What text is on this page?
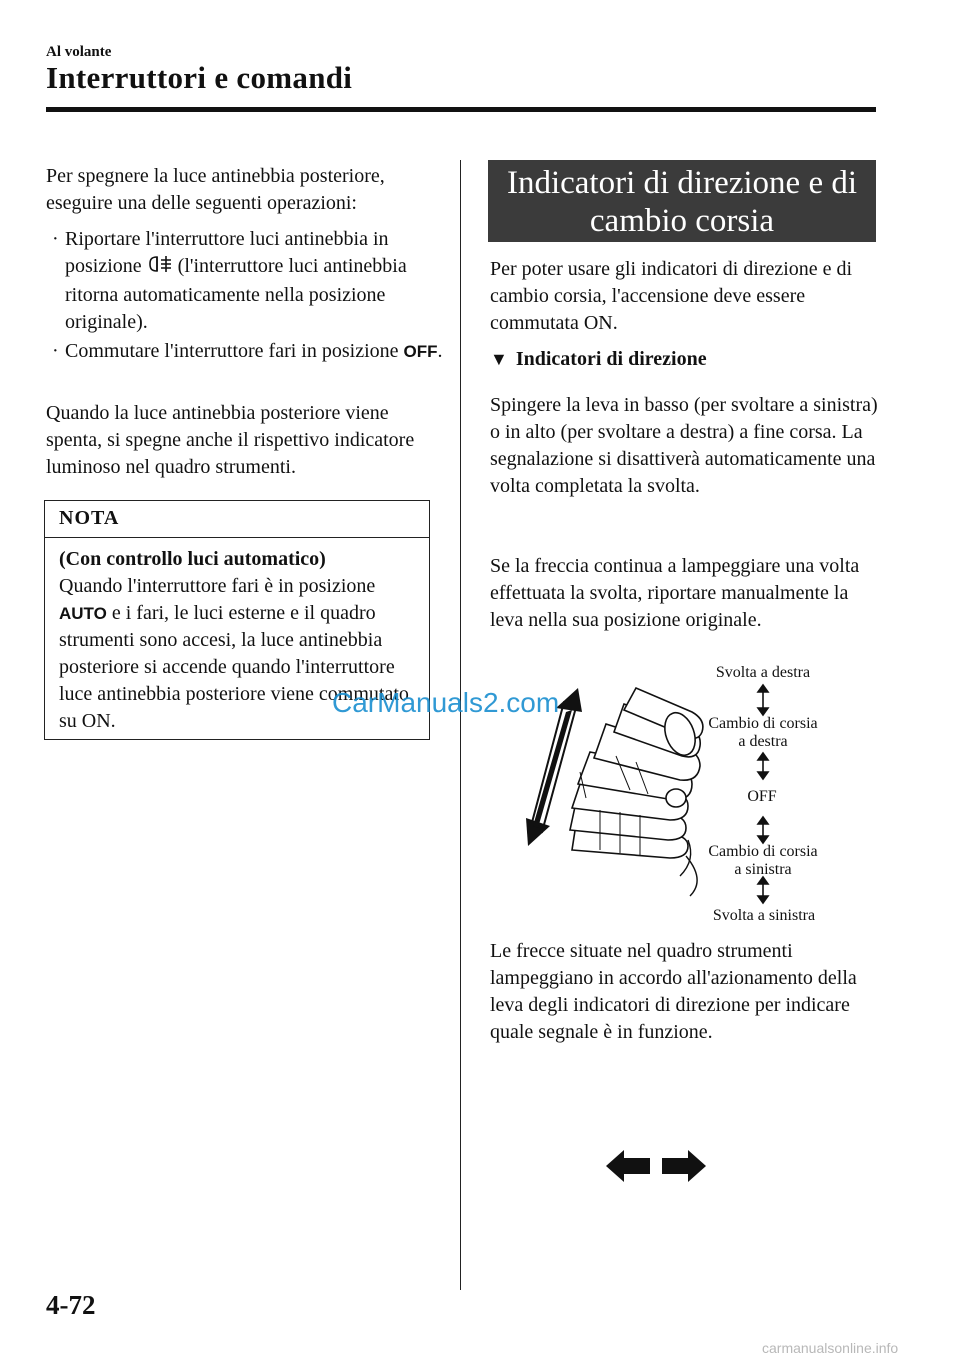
Al volante
Interruttori e comandi
Per spegnere la luce antinebbia posteriore, eseguire una delle seguenti operazioni:
· Riportare l'interruttore luci antinebbia in posizione (l'interruttore luci antinebbia ritorna automaticamente nella posizione originale).
· Commutare l'interruttore fari in posizione OFF.
Quando la luce antinebbia posteriore viene spenta, si spegne anche il rispettivo indicatore luminoso nel quadro strumenti.
NOTA
(Con controllo luci automatico)
Quando l'interruttore fari è in posizione AUTO e i fari, le luci esterne e il quadro strumenti sono accesi, la luce antinebbia posteriore si accende quando l'interruttore luce antinebbia posteriore viene commutato su ON.
Indicatori di direzione e di
cambio corsia
Per poter usare gli indicatori di direzione e di cambio corsia, l'accensione deve essere commutata ON.
▼ Indicatori di direzione
Spingere la leva in basso (per svoltare a sinistra) o in alto (per svoltare a destra) a fine corsa. La segnalazione si disattiverà automaticamente una volta completata la svolta.
Se la freccia continua a lampeggiare una volta effettuata la svolta, riportare manualmente la leva nella sua posizione originale.
Svolta a destra
Cambio di corsia
a destra
OFF
Cambio di corsia
a sinistra
Svolta a sinistra
Le frecce situate nel quadro strumenti lampeggiano in accordo all'azionamento della leva degli indicatori di direzione per indicare quale segnale è in funzione.
4-72
CarManuals2.com
carmanualsonline.info
